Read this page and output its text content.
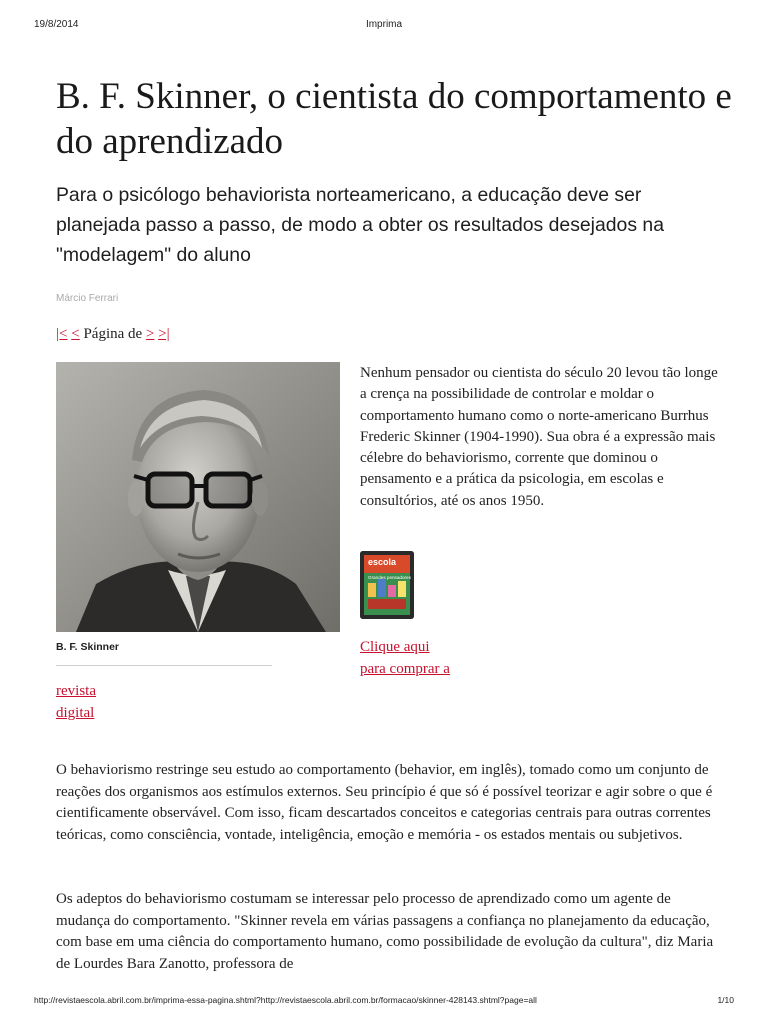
19/8/2014	Imprima
B. F. Skinner, o cientista do comportamento e do aprendizado

Para o psicólogo behaviorista norteamericano, a educação deve ser planejada passo a passo, de modo a obter os resultados desejados na "modelagem" do aluno

Márcio Ferrari
|< < Página de > >|
B. F. Skinner
revista
digital

Nenhum pensador ou cientista do século 20 levou tão longe a crença na possibilidade de controlar e moldar o comportamento humano como o norte-americano Burrhus Frederic Skinner (1904-1990). Sua obra é a expressão mais célebre do behaviorismo, corrente que dominou o pensamento e a prática da psicologia, em escolas e consultórios, até os anos 1950.

escola
Grandes pensadores
Clique aqui
para comprar a

O behaviorismo restringe seu estudo ao comportamento (behavior, em inglês), tomado como um conjunto de reações dos organismos aos estímulos externos. Seu princípio é que só é possível teorizar e agir sobre o que é cientificamente observável. Com isso, ficam descartados conceitos e categorias centrais para outras correntes teóricas, como consciência, vontade, inteligência, emoção e memória - os estados mentais ou subjetivos.

Os adeptos do behaviorismo costumam se interessar pelo processo de aprendizado como um agente de mudança do comportamento. "Skinner revela em várias passagens a confiança no planejamento da educação, com base em uma ciência do comportamento humano, como possibilidade de evolução da cultura", diz Maria de Lourdes Bara Zanotto, professora de

http://revistaescola.abril.com.br/imprima-essa-pagina.shtml?http://revistaescola.abril.com.br/formacao/skinner-428143.shtml?page=all	1/10
